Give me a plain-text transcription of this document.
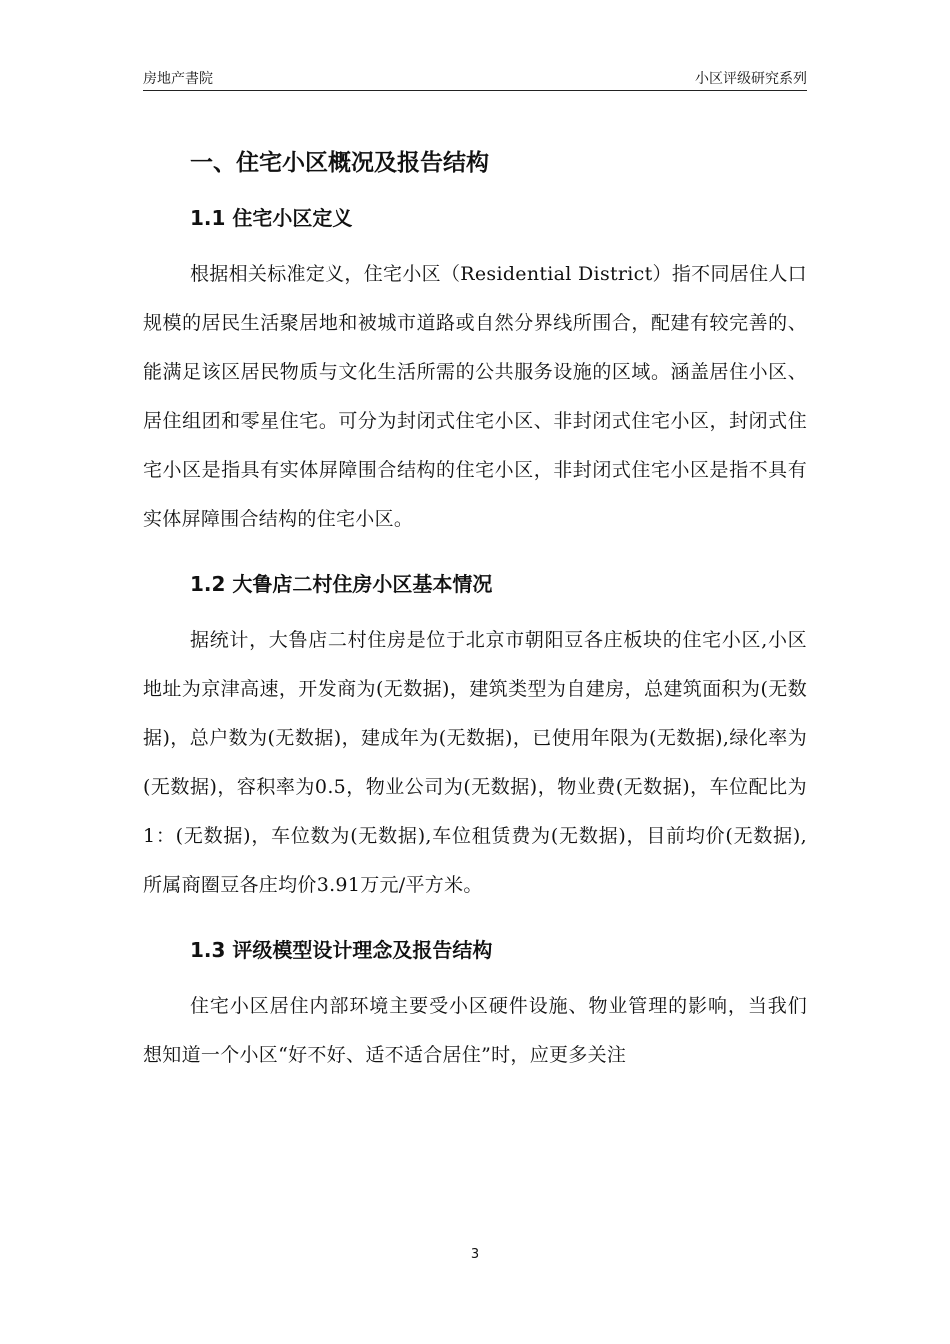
房地产書院	小区评级研究系列
一、住宅小区概况及报告结构
1.1 住宅小区定义

根据相关标准定义，住宅小区（Residential District）指不同居住人口规模的居民生活聚居地和被城市道路或自然分界线所围合，配建有较完善的、能满足该区居民物质与文化生活所需的公共服务设施的区域。涵盖居住小区、居住组团和零星住宅。可分为封闭式住宅小区、非封闭式住宅小区，封闭式住宅小区是指具有实体屏障围合结构的住宅小区，非封闭式住宅小区是指不具有实体屏障围合结构的住宅小区。

1.2 大鲁店二村住房小区基本情况

据统计，大鲁店二村住房是位于北京市朝阳豆各庄板块的住宅小区,小区地址为京津高速，开发商为(无数据)，建筑类型为自建房，总建筑面积为(无数据)，总户数为(无数据)，建成年为(无数据)，已使用年限为(无数据),绿化率为(无数据)，容积率为0.5，物业公司为(无数据)，物业费(无数据)，车位配比为1：(无数据)，车位数为(无数据),车位租赁费为(无数据)，目前均价(无数据),所属商圈豆各庄均价3.91万元/平方米。

1.3 评级模型设计理念及报告结构

住宅小区居住内部环境主要受小区硬件设施、物业管理的影响，当我们想知道一个小区“好不好、适不适合居住”时，应更多关注

3
